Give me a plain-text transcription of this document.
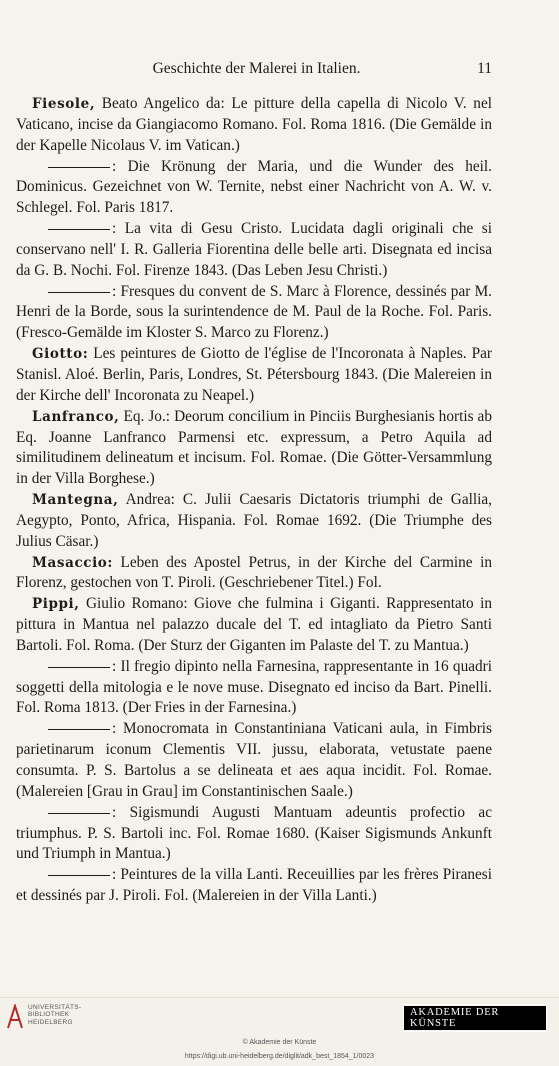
Geschichte der Malerei in Italien.	11

Fiesole, Beato Angelico da: Le pitture della capella di Nicolo V. nel Vaticano, incise da Giangiacomo Romano. Fol. Roma 1816. (Die Gemälde in der Kapelle Nicolaus V. im Vatican.)

: Die Krönung der Maria, und die Wunder des heil. Dominicus. Gezeichnet von W. Ternite, nebst einer Nachricht von A. W. v. Schlegel. Fol. Paris 1817.

: La vita di Gesu Cristo. Lucidata dagli originali che si conservano nell' I. R. Galleria Fiorentina delle belle arti. Disegnata ed incisa da G. B. Nochi. Fol. Firenze 1843. (Das Leben Jesu Christi.)

: Fresques du convent de S. Marc à Florence, dessinés par M. Henri de la Borde, sous la surintendence de M. Paul de la Roche. Fol. Paris. (Fresco-Gemälde im Kloster S. Marco zu Florenz.)

Giotto: Les peintures de Giotto de l'église de l'Incoronata à Naples. Par Stanisl. Aloé. Berlin, Paris, Londres, St. Pétersbourg 1843. (Die Malereien in der Kirche dell' Incoronata zu Neapel.)

Lanfranco, Eq. Jo.: Deorum concilium in Pinciis Burghesianis hortis ab Eq. Joanne Lanfranco Parmensi etc. expressum, a Petro Aquila ad similitudinem delineatum et incisum. Fol. Romae. (Die Götter-Versammlung in der Villa Borghese.)

Mantegna, Andrea: C. Julii Caesaris Dictatoris triumphi de Gallia, Aegypto, Ponto, Africa, Hispania. Fol. Romae 1692. (Die Triumphe des Julius Cäsar.)

Masaccio: Leben des Apostel Petrus, in der Kirche del Carmine in Florenz, gestochen von T. Piroli. (Geschriebener Titel.) Fol.

Pippi, Giulio Romano: Giove che fulmina i Giganti. Rappresentato in pittura in Mantua nel palazzo ducale del T. ed intagliato da Pietro Santi Bartoli. Fol. Roma. (Der Sturz der Giganten im Palaste del T. zu Mantua.)

: Il fregio dipinto nella Farnesina, rappresentante in 16 quadri soggetti della mitologia e le nove muse. Disegnato ed inciso da Bart. Pinelli. Fol. Roma 1813. (Der Fries in der Farnesina.)

: Monocromata in Constantiniana Vaticani aula, in Fimbris parietinarum iconum Clementis VII. jussu, elaborata, vetustate paene consumta. P. S. Bartolus a se delineata et aes aqua incidit. Fol. Romae. (Malereien [Grau in Grau] im Constantinischen Saale.)

: Sigismundi Augusti Mantuam adeuntis profectio ac triumphus. P. S. Bartoli inc. Fol. Romae 1680. (Kaiser Sigismunds Ankunft und Triumph in Mantua.)

: Peintures de la villa Lanti. Receuillies par les frères Piranesi et dessinés par J. Piroli. Fol. (Malereien in der Villa Lanti.)

UNIVERSITÄTS-
BIBLIOTHEK
HEIDELBERG
AKADEMIE DER KÜNSTE
© Akademie der Künste
https://digi.ub.uni-heidelberg.de/diglit/adk_best_1854_1/0023
